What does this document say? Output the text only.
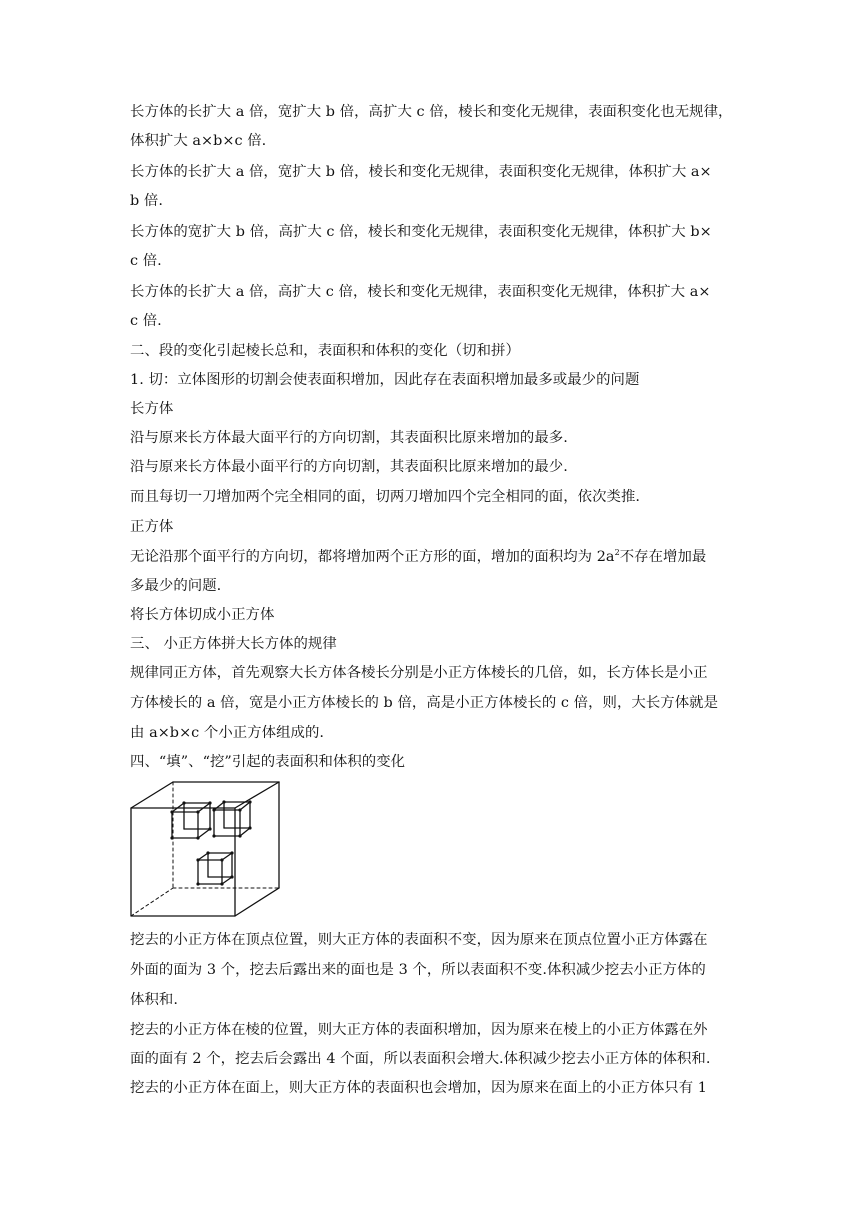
长方体的长扩大 a 倍，宽扩大 b 倍，高扩大 c 倍，棱长和变化无规律，表面积变化也无规律，
体积扩大 a×b×c 倍.
长方体的长扩大 a 倍，宽扩大 b 倍，棱长和变化无规律，表面积变化无规律，体积扩大 a×
b 倍.
长方体的宽扩大 b 倍，高扩大 c 倍，棱长和变化无规律，表面积变化无规律，体积扩大 b×
c 倍.
长方体的长扩大 a 倍，高扩大 c 倍，棱长和变化无规律，表面积变化无规律，体积扩大 a×
c 倍.
二、段的变化引起棱长总和，表面积和体积的变化（切和拼）
1. 切：立体图形的切割会使表面积增加，因此存在表面积增加最多或最少的问题
长方体
沿与原来长方体最大面平行的方向切割，其表面积比原来增加的最多.
沿与原来长方体最小面平行的方向切割，其表面积比原来增加的最少.
而且每切一刀增加两个完全相同的面，切两刀增加四个完全相同的面，依次类推.
正方体
无论沿那个面平行的方向切，都将增加两个正方形的面，增加的面积均为 $2a^2$不存在增加最
多最少的问题.
将长方体切成小正方体
三、 小正方体拼大长方体的规律
规律同正方体，首先观察大长方体各棱长分别是小正方体棱长的几倍，如，长方体长是小正
方体棱长的 a 倍，宽是小正方体棱长的 b 倍，高是小正方体棱长的 c 倍，则，大长方体就是
由 a×b×c 个小正方体组成的.
四、“填”、“挖”引起的表面积和体积的变化
挖去的小正方体在顶点位置，则大正方体的表面积不变，因为原来在顶点位置小正方体露在
外面的面为 3 个，挖去后露出来的面也是 3 个，所以表面积不变.体积减少挖去小正方体的
体积和.
挖去的小正方体在棱的位置，则大正方体的表面积增加，因为原来在棱上的小正方体露在外
面的面有 2 个，挖去后会露出 4 个面，所以表面积会增大.体积减少挖去小正方体的体积和.
挖去的小正方体在面上，则大正方体的表面积也会增加，因为原来在面上的小正方体只有 1
